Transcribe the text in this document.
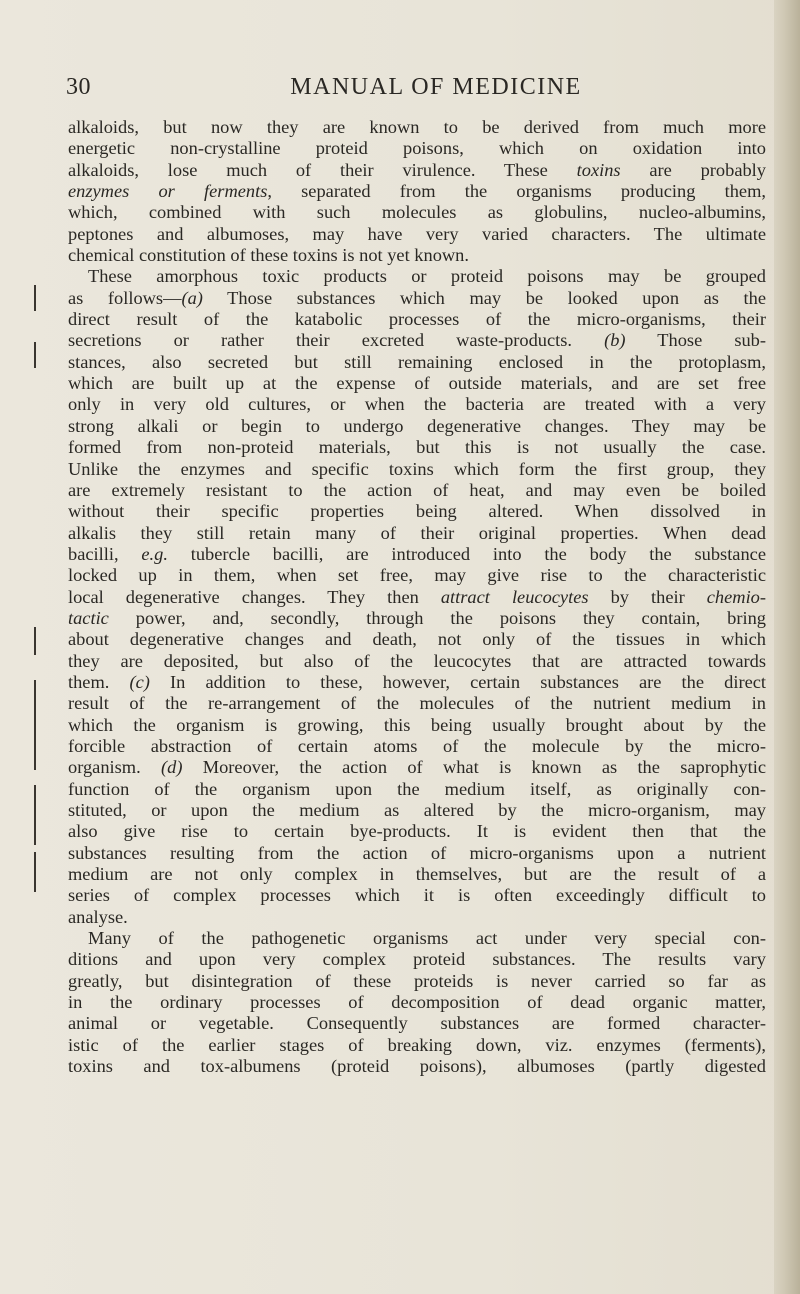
30	MANUAL OF MEDICINE
alkaloids, but now they are known to be derived from much more
energetic non-crystalline proteid poisons, which on oxidation into
alkaloids, lose much of their virulence. These toxins are probably
enzymes or ferments, separated from the organisms producing them,
which, combined with such molecules as globulins, nucleo-albumins,
peptones and albumoses, may have very varied characters. The ultimate
chemical constitution of these toxins is not yet known.
These amorphous toxic products or proteid poisons may be grouped
as follows—(a) Those substances which may be looked upon as the
direct result of the katabolic processes of the micro-organisms, their
secretions or rather their excreted waste-products. (b) Those sub-
stances, also secreted but still remaining enclosed in the protoplasm,
which are built up at the expense of outside materials, and are set free
only in very old cultures, or when the bacteria are treated with a very
strong alkali or begin to undergo degenerative changes. They may be
formed from non-proteid materials, but this is not usually the case.
Unlike the enzymes and specific toxins which form the first group, they
are extremely resistant to the action of heat, and may even be boiled
without their specific properties being altered. When dissolved in
alkalis they still retain many of their original properties. When dead
bacilli, e.g. tubercle bacilli, are introduced into the body the substance
locked up in them, when set free, may give rise to the characteristic
local degenerative changes. They then attract leucocytes by their chemio-
tactic power, and, secondly, through the poisons they contain, bring
about degenerative changes and death, not only of the tissues in which
they are deposited, but also of the leucocytes that are attracted towards
them. (c) In addition to these, however, certain substances are the direct
result of the re-arrangement of the molecules of the nutrient medium in
which the organism is growing, this being usually brought about by the
forcible abstraction of certain atoms of the molecule by the micro-
organism. (d) Moreover, the action of what is known as the saprophytic
function of the organism upon the medium itself, as originally con-
stituted, or upon the medium as altered by the micro-organism, may
also give rise to certain bye-products. It is evident then that the
substances resulting from the action of micro-organisms upon a nutrient
medium are not only complex in themselves, but are the result of a
series of complex processes which it is often exceedingly difficult to
analyse.
Many of the pathogenetic organisms act under very special con-
ditions and upon very complex proteid substances. The results vary
greatly, but disintegration of these proteids is never carried so far as
in the ordinary processes of decomposition of dead organic matter,
animal or vegetable. Consequently substances are formed character-
istic of the earlier stages of breaking down, viz. enzymes (ferments),
toxins and tox-albumens (proteid poisons), albumoses (partly digested
